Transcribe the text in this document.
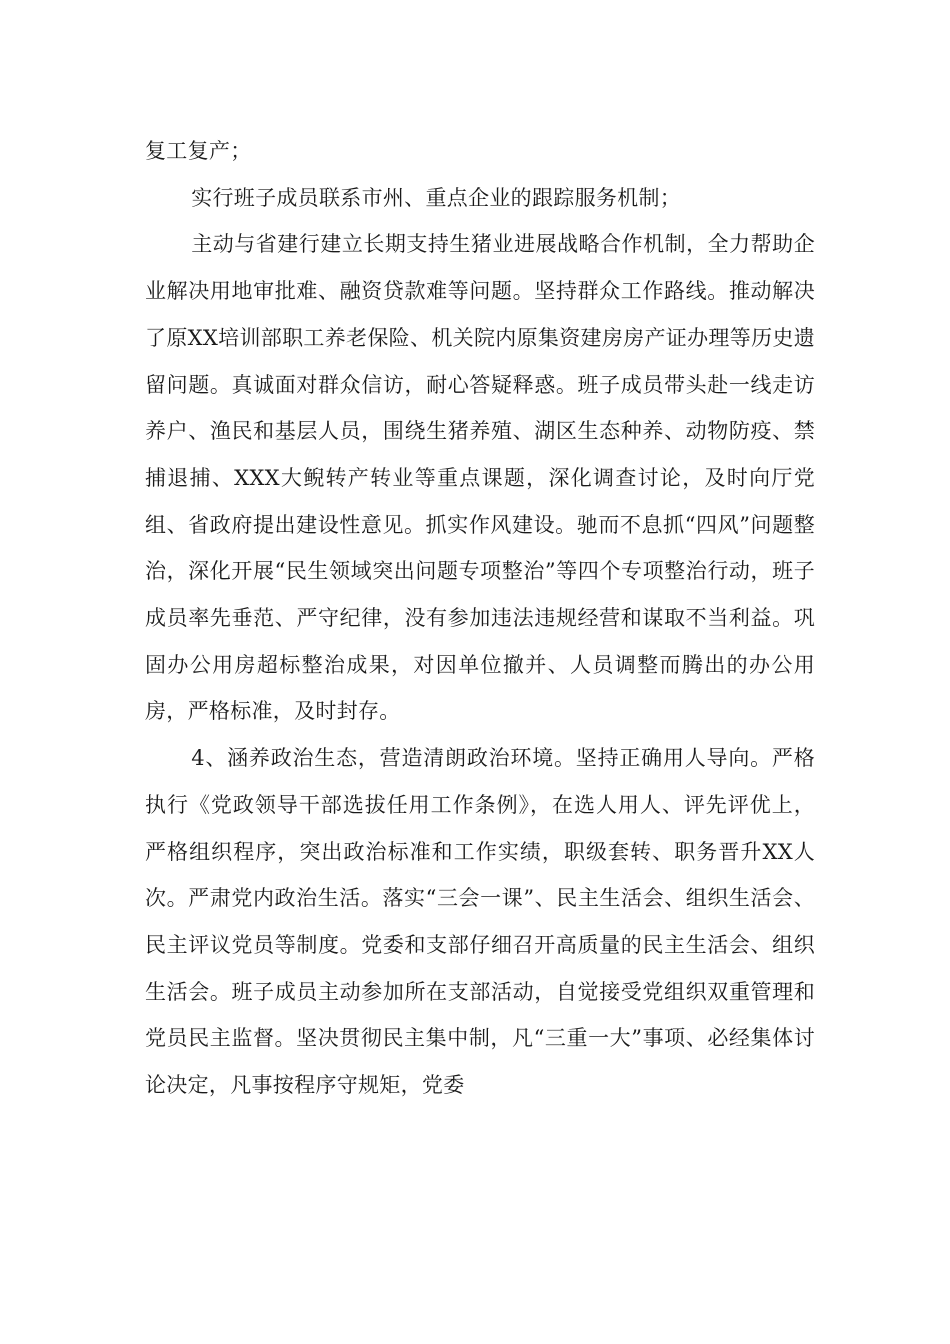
复工复产；

实行班子成员联系市州、重点企业的跟踪服务机制；

主动与省建行建立长期支持生猪业进展战略合作机制，全力帮助企业解决用地审批难、融资贷款难等问题。坚持群众工作路线。推动解决了原XX培训部职工养老保险、机关院内原集资建房房产证办理等历史遗留问题。真诚面对群众信访，耐心答疑释惑。班子成员带头赴一线走访养户、渔民和基层人员，围绕生猪养殖、湖区生态种养、动物防疫、禁捕退捕、XXX大鲵转产转业等重点课题，深化调查讨论，及时向厅党组、省政府提出建设性意见。抓实作风建设。驰而不息抓“四风”问题整治，深化开展“民生领域突出问题专项整治”等四个专项整治行动，班子成员率先垂范、严守纪律，没有参加违法违规经营和谋取不当利益。巩固办公用房超标整治成果，对因单位撤并、人员调整而腾出的办公用房，严格标准，及时封存。

4、涵养政治生态，营造清朗政治环境。坚持正确用人导向。严格执行《党政领导干部选拔任用工作条例》，在选人用人、评先评优上，严格组织程序，突出政治标准和工作实绩，职级套转、职务晋升XX人次。严肃党内政治生活。落实“三会一课”、民主生活会、组织生活会、民主评议党员等制度。党委和支部仔细召开高质量的民主生活会、组织生活会。班子成员主动参加所在支部活动，自觉接受党组织双重管理和党员民主监督。坚决贯彻民主集中制，凡“三重一大”事项、必经集体讨论决定，凡事按程序守规矩，党委
